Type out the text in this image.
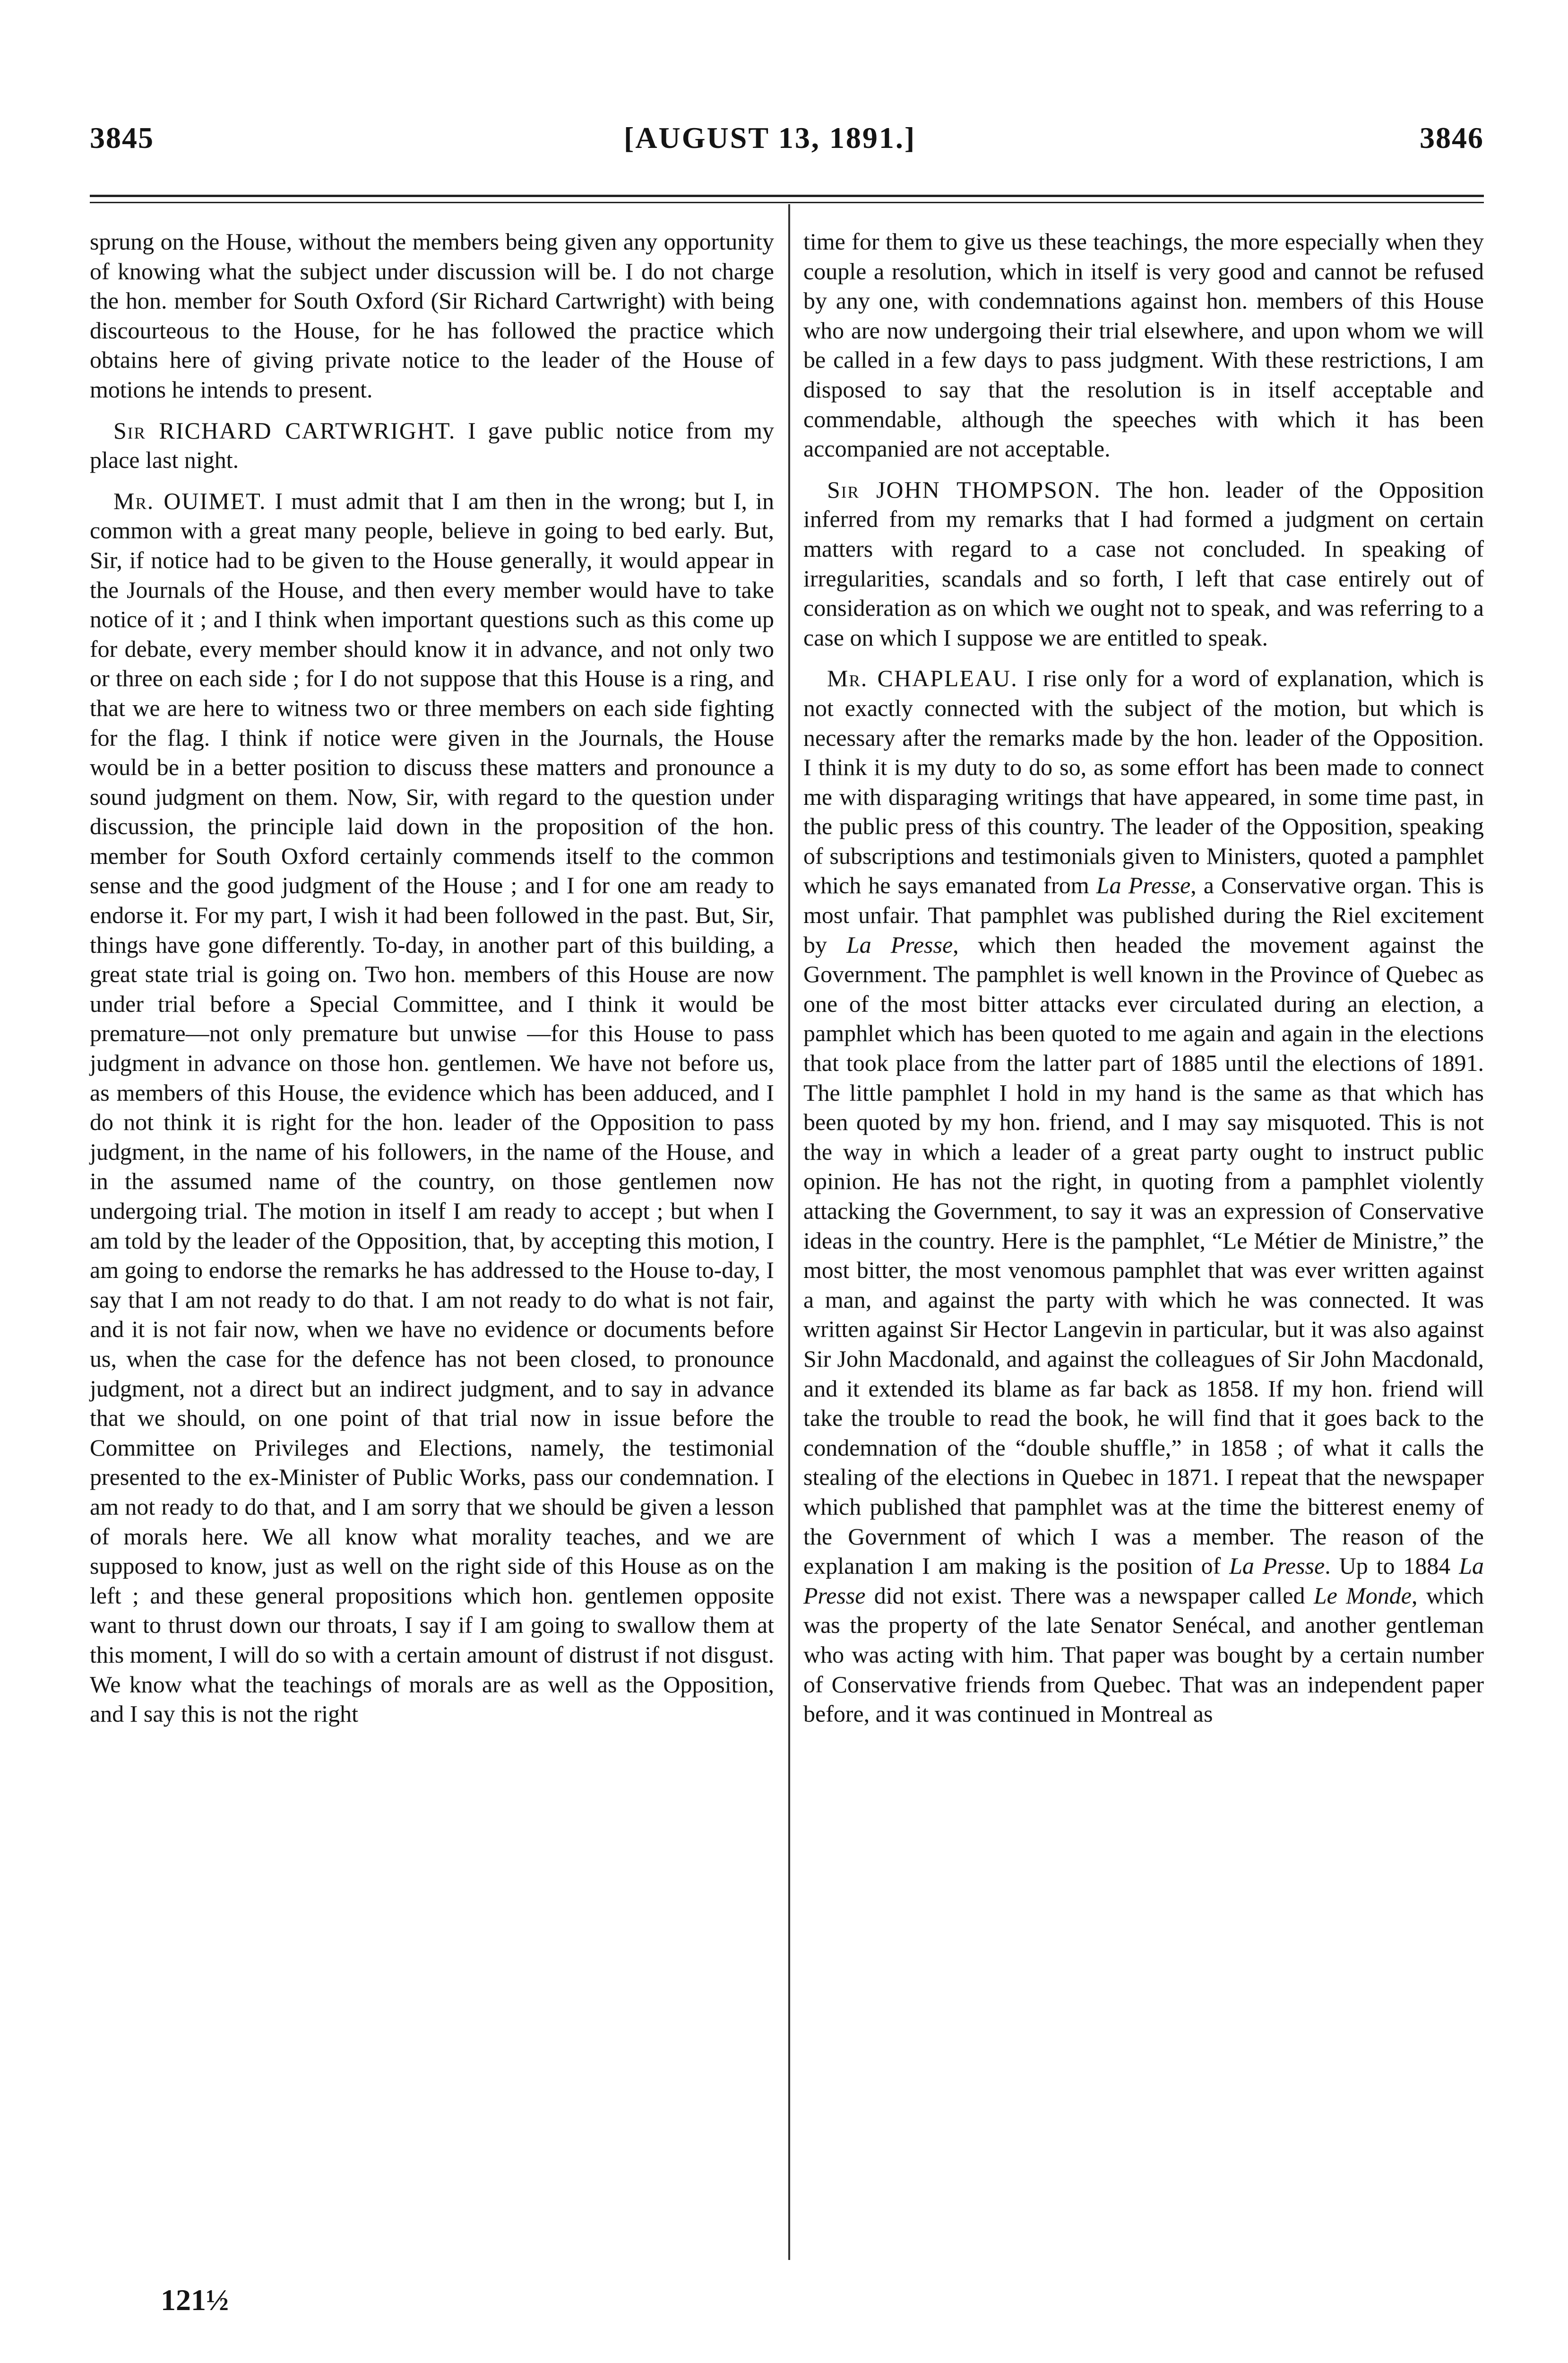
3845	[AUGUST 13, 1891.]	3846

sprung on the House, without the members being given any opportunity of knowing what the subject under discussion will be. I do not charge the hon. member for South Oxford (Sir Richard Cartwright) with being discourteous to the House, for he has followed the practice which obtains here of giving private notice to the leader of the House of motions he intends to present.

Sir RICHARD CARTWRIGHT. I gave public notice from my place last night.

Mr. OUIMET. I must admit that I am then in the wrong; but I, in common with a great many people, believe in going to bed early. But, Sir, if notice had to be given to the House generally, it would appear in the Journals of the House, and then every member would have to take notice of it ; and I think when important questions such as this come up for debate, every member should know it in advance, and not only two or three on each side ; for I do not suppose that this House is a ring, and that we are here to witness two or three members on each side fighting for the flag. I think if notice were given in the Journals, the House would be in a better position to discuss these matters and pronounce a sound judgment on them. Now, Sir, with regard to the question under discussion, the principle laid down in the proposition of the hon. member for South Oxford certainly commends itself to the common sense and the good judgment of the House ; and I for one am ready to endorse it. For my part, I wish it had been followed in the past. But, Sir, things have gone differently. To-day, in another part of this building, a great state trial is going on. Two hon. members of this House are now under trial before a Special Committee, and I think it would be premature—not only premature but unwise —for this House to pass judgment in advance on those hon. gentlemen. We have not before us, as members of this House, the evidence which has been adduced, and I do not think it is right for the hon. leader of the Opposition to pass judgment, in the name of his followers, in the name of the House, and in the assumed name of the country, on those gentlemen now undergoing trial. The motion in itself I am ready to accept ; but when I am told by the leader of the Opposition, that, by accepting this motion, I am going to endorse the remarks he has addressed to the House to-day, I say that I am not ready to do that. I am not ready to do what is not fair, and it is not fair now, when we have no evidence or documents before us, when the case for the defence has not been closed, to pronounce judgment, not a direct but an indirect judgment, and to say in advance that we should, on one point of that trial now in issue before the Committee on Privileges and Elections, namely, the testimonial presented to the ex-Minister of Public Works, pass our condemnation. I am not ready to do that, and I am sorry that we should be given a lesson of morals here. We all know what morality teaches, and we are supposed to know, just as well on the right side of this House as on the left ; and these general propositions which hon. gentlemen opposite want to thrust down our throats, I say if I am going to swallow them at this moment, I will do so with a certain amount of distrust if not disgust. We know what the teachings of morals are as well as the Opposition, and I say this is not the right

time for them to give us these teachings, the more especially when they couple a resolution, which in itself is very good and cannot be refused by any one, with condemnations against hon. members of this House who are now undergoing their trial elsewhere, and upon whom we will be called in a few days to pass judgment. With these restrictions, I am disposed to say that the resolution is in itself acceptable and commendable, although the speeches with which it has been accompanied are not acceptable.

Sir JOHN THOMPSON. The hon. leader of the Opposition inferred from my remarks that I had formed a judgment on certain matters with regard to a case not concluded. In speaking of irregularities, scandals and so forth, I left that case entirely out of consideration as on which we ought not to speak, and was referring to a case on which I suppose we are entitled to speak.

Mr. CHAPLEAU. I rise only for a word of explanation, which is not exactly connected with the subject of the motion, but which is necessary after the remarks made by the hon. leader of the Opposition. I think it is my duty to do so, as some effort has been made to connect me with disparaging writings that have appeared, in some time past, in the public press of this country. The leader of the Opposition, speaking of subscriptions and testimonials given to Ministers, quoted a pamphlet which he says emanated from La Presse, a Conservative organ. This is most unfair. That pamphlet was published during the Riel excitement by La Presse, which then headed the movement against the Government. The pamphlet is well known in the Province of Quebec as one of the most bitter attacks ever circulated during an election, a pamphlet which has been quoted to me again and again in the elections that took place from the latter part of 1885 until the elections of 1891. The little pamphlet I hold in my hand is the same as that which has been quoted by my hon. friend, and I may say misquoted. This is not the way in which a leader of a great party ought to instruct public opinion. He has not the right, in quoting from a pamphlet violently attacking the Government, to say it was an expression of Conservative ideas in the country. Here is the pamphlet, “Le Métier de Ministre,” the most bitter, the most venomous pamphlet that was ever written against a man, and against the party with which he was connected. It was written against Sir Hector Langevin in particular, but it was also against Sir John Macdonald, and against the colleagues of Sir John Macdonald, and it extended its blame as far back as 1858. If my hon. friend will take the trouble to read the book, he will find that it goes back to the condemnation of the “double shuffle,” in 1858 ; of what it calls the stealing of the elections in Quebec in 1871. I repeat that the newspaper which published that pamphlet was at the time the bitterest enemy of the Government of which I was a member. The reason of the explanation I am making is the position of La Presse. Up to 1884 La Presse did not exist. There was a newspaper called Le Monde, which was the property of the late Senator Senécal, and another gentleman who was acting with him. That paper was bought by a certain number of Conservative friends from Quebec. That was an independent paper before, and it was continued in Montreal as

121½
